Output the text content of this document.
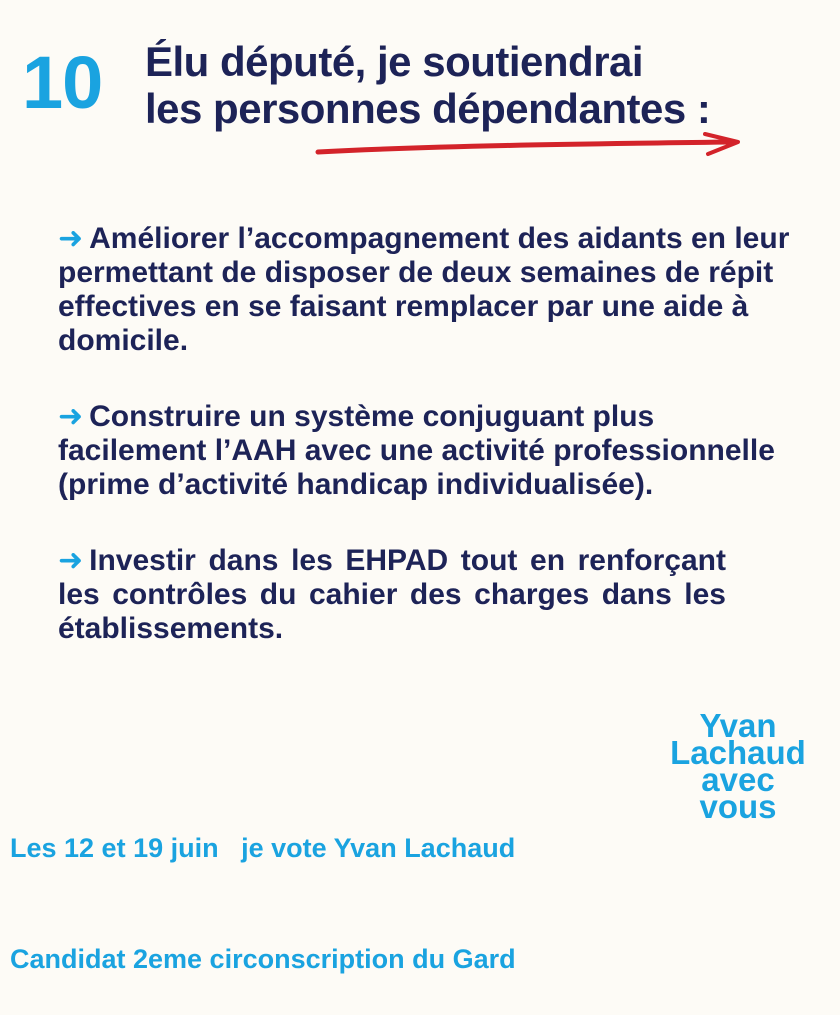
10 Élu député, je soutiendrai
les personnes dépendantes :
➜ Améliorer l’accompagnement des aidants en leur permettant de disposer de deux semaines de répit effectives en se faisant remplacer par une aide à domicile.
➜ Construire un système conjuguant plus facilement l’AAH avec une activité professionnelle (prime d’activité handicap individualisée).
➜ Investir dans les EHPAD tout en renforçant les contrôles du cahier des charges dans les établissements.

Les 12 et 19 juin   je vote Yvan Lachaud

Candidat 2eme circonscription du Gard

Yvan
Lachaud
avec
vous
